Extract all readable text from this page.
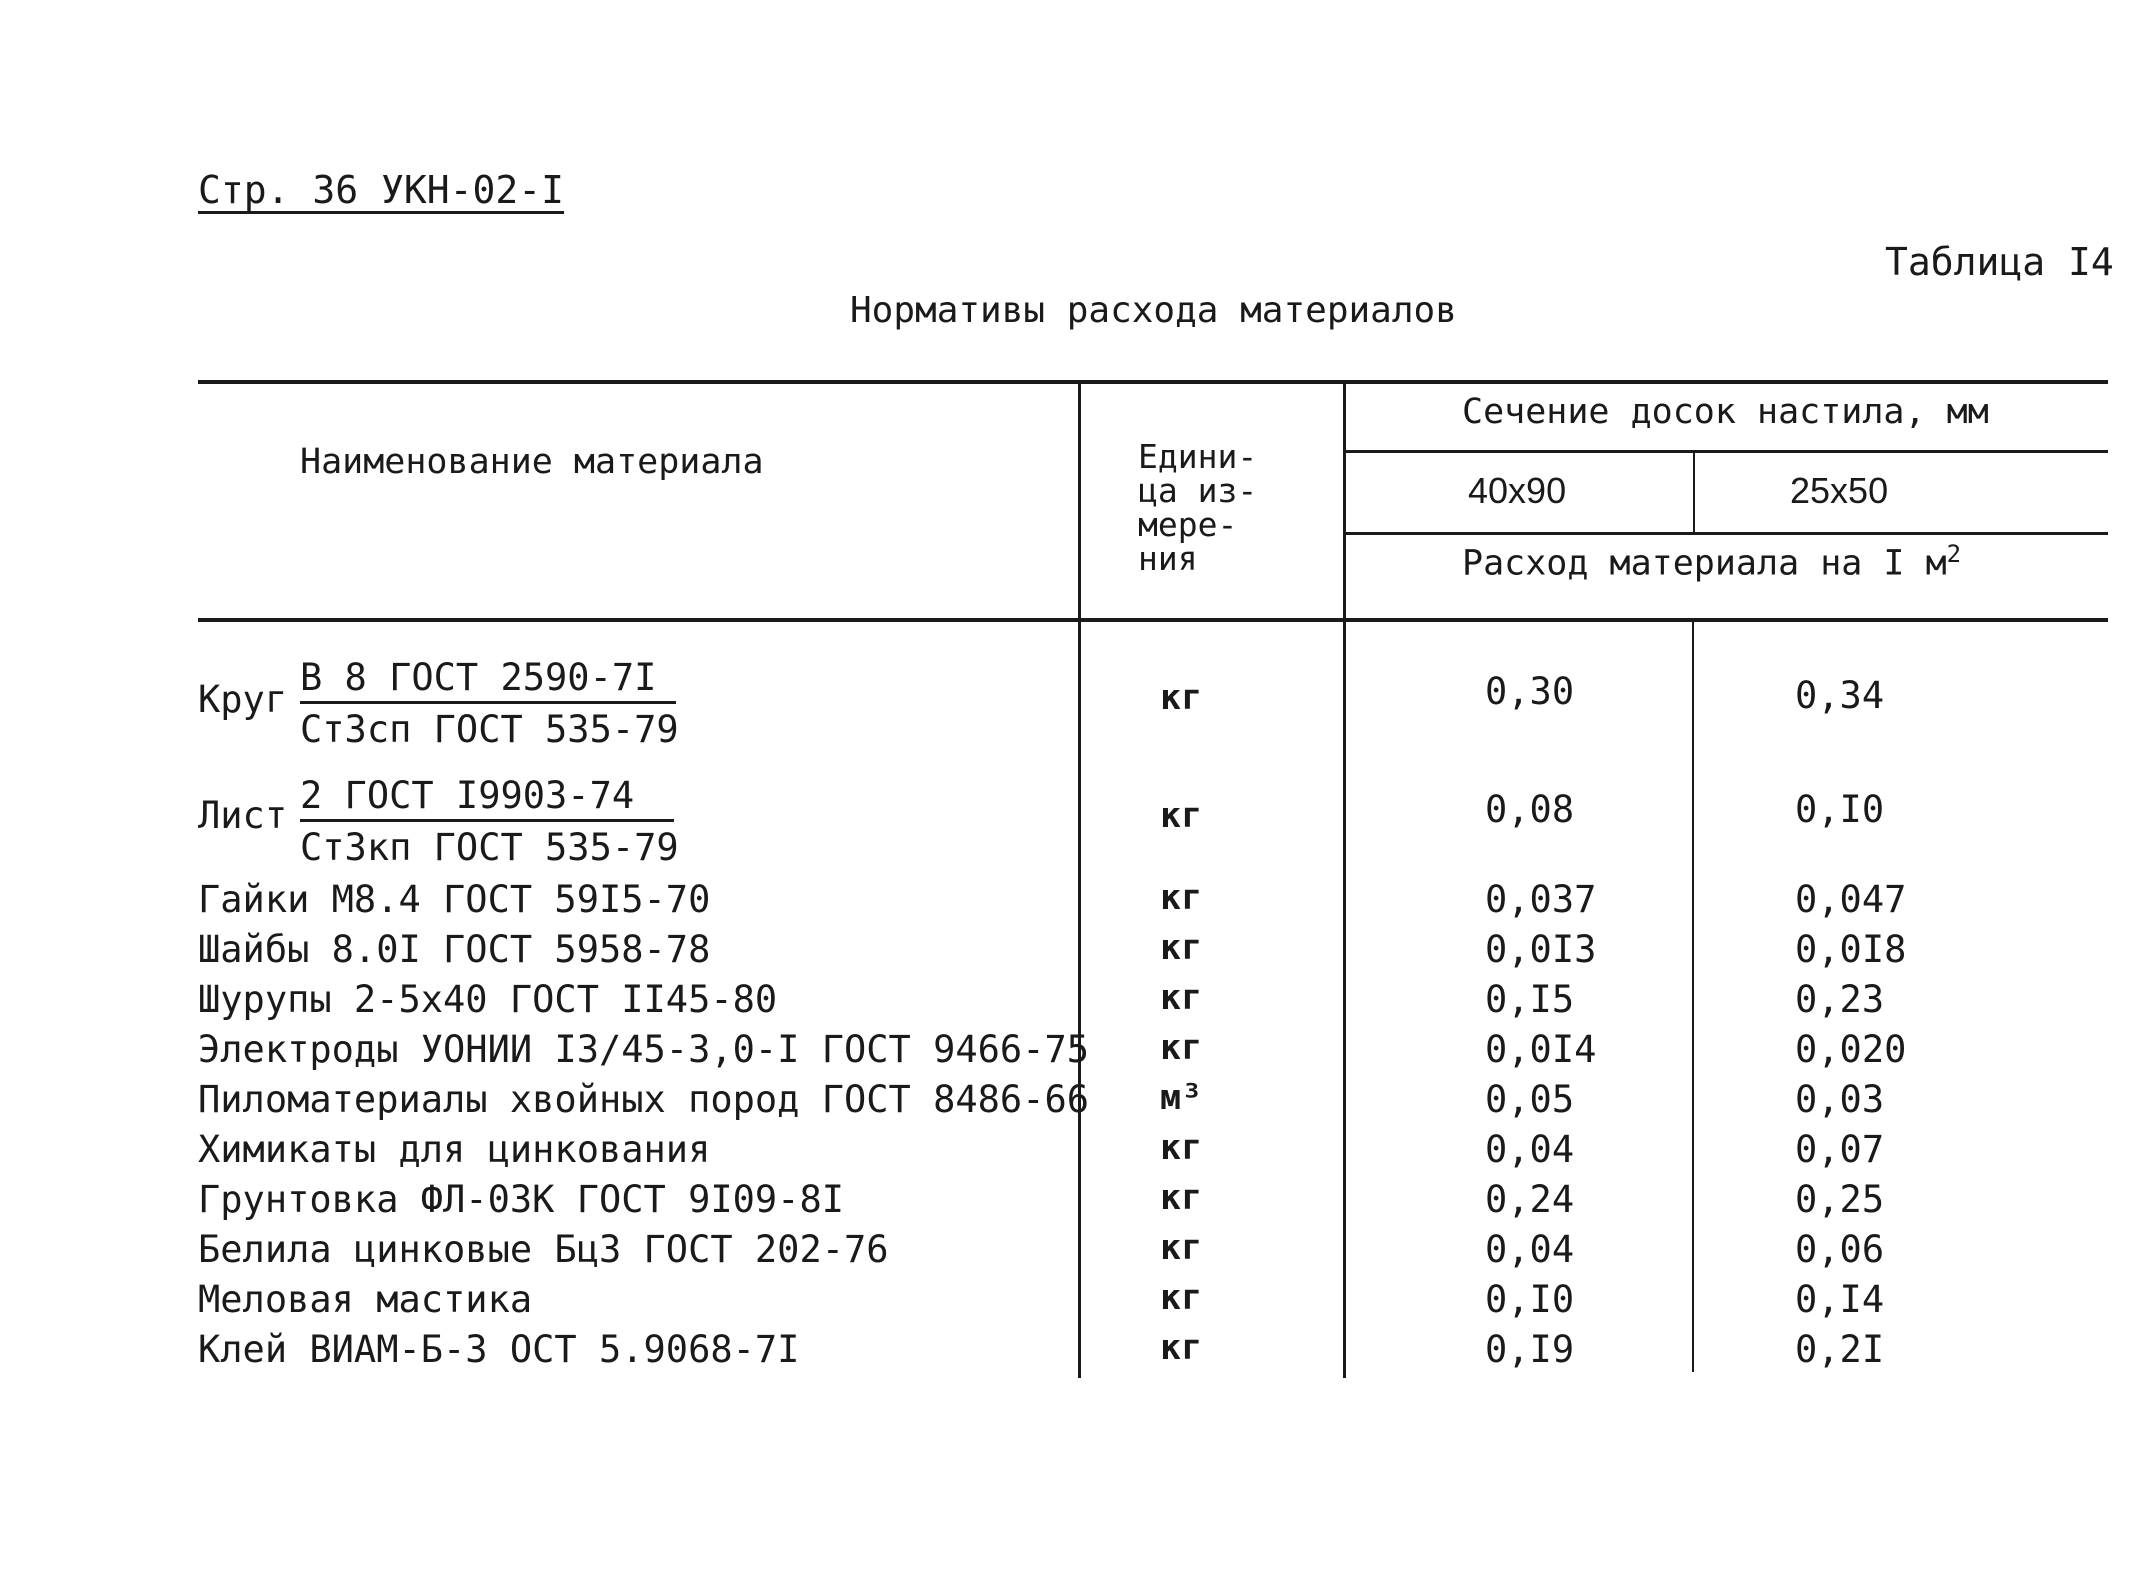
Стр. 36 УКН-02-I
Таблица I4
Нормативы расхода материалов
Наименование материала	Едини-
ца из-
мере-
ния
Сечение досок настила, мм
40x90	25x50
Расход материала на I $м^2$
Круг
В 8 ГОСТ 2590-7I
Ст3сп ГОСТ 535-79
кг	0,30	0,34
Лист 2 ГОСТ I9903-74
Ст3кп ГОСТ 535-79
кг	0,08	0,I0
Гайки М8.4 ГОСТ 59I5-70	кг	0,037	0,047
Шайбы 8.0I ГОСТ 5958-78	кг	0,0I3	0,0I8
Шурупы 2-5x40 ГОСТ II45-80	кг	0,I5	0,23
Электроды УОНИИ I3/45-3,0-I ГОСТ 9466-75 кг	0,0I4	0,020
Пиломатериалы хвойных пород ГОСТ 8486-66 м³	0,05	0,03
Химикаты для цинкования	кг	0,04	0,07
Грунтовка ФЛ-03К ГОСТ 9I09-8I	кг	0,24	0,25
Белила цинковые Бц3 ГОСТ 202-76	кг	0,04	0,06
Меловая мастика	кг	0,I0	0,I4
Клей ВИАМ-Б-3 ОСТ 5.9068-7I	кг	0,I9	0,2I
